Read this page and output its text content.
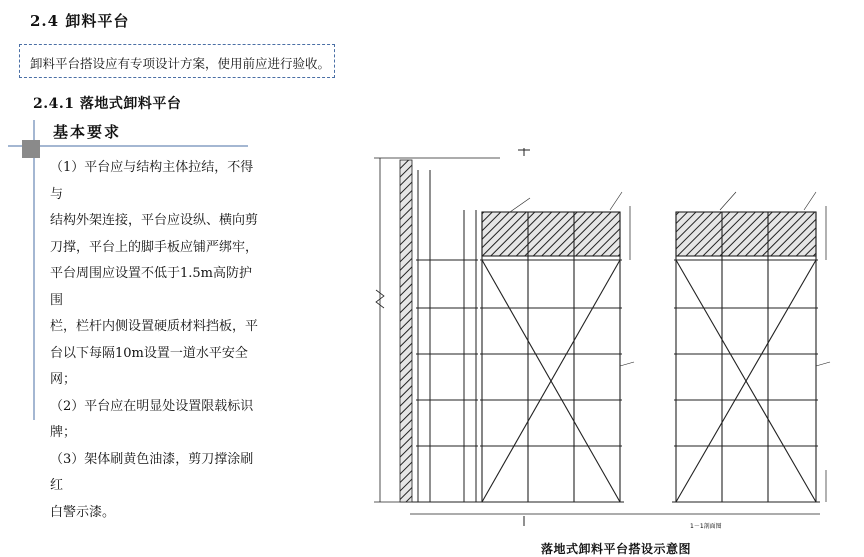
2.4 卸料平台
卸料平台搭设应有专项设计方案，使用前应进行验收。
2.4.1 落地式卸料平台
基本要求

（1）平台应与结构主体拉结，不得与

结构外架连接，平台应设纵、横向剪

刀撑，平台上的脚手板应铺严绑牢，

平台周围应设置不低于1.5m高防护围

栏，栏杆内侧设置硬质材料挡板，平

台以下每隔10m设置一道水平安全网；

（2）平台应在明显处设置限载标识牌；

（3）架体刷黄色油漆，剪刀撑涂刷红

白警示漆。

1－1剖面图
落地式卸料平台搭设示意图
